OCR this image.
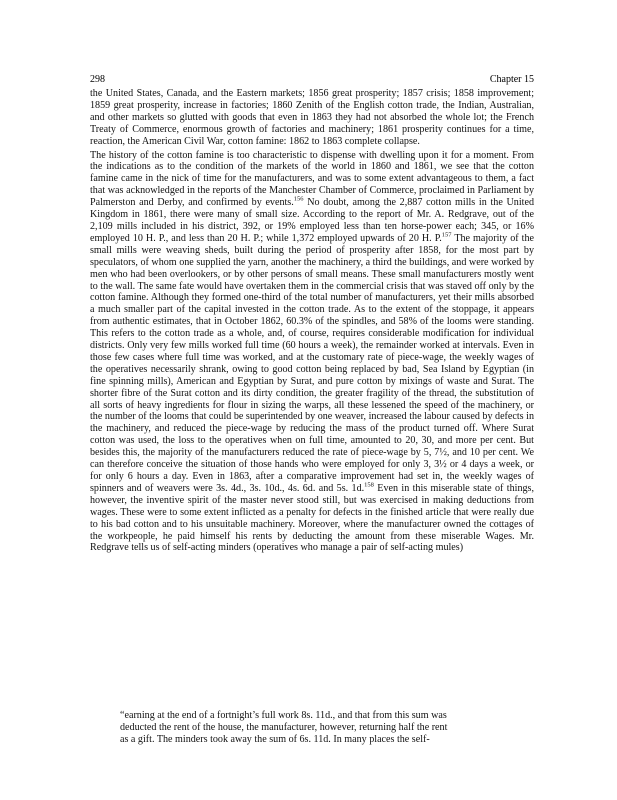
298	Chapter 15

the United States, Canada, and the Eastern markets; 1856 great prosperity; 1857 crisis; 1858 improvement; 1859 great prosperity, increase in factories; 1860 Zenith of the English cotton trade, the Indian, Australian, and other markets so glutted with goods that even in 1863 they had not absorbed the whole lot; the French Treaty of Commerce, enormous growth of factories and machinery; 1861 prosperity continues for a time, reaction, the American Civil War, cotton famine: 1862 to 1863 complete collapse.

The history of the cotton famine is too characteristic to dispense with dwelling upon it for a moment. From the indications as to the condition of the markets of the world in 1860 and 1861, we see that the cotton famine came in the nick of time for the manufacturers, and was to some extent advantageous to them, a fact that was acknowledged in the reports of the Manchester Chamber of Commerce, proclaimed in Parliament by Palmerston and Derby, and confirmed by events.$^{156}$ No doubt, among the 2,887 cotton mills in the United Kingdom in 1861, there were many of small size. According to the report of Mr. A. Redgrave, out of the 2,109 mills included in his district, 392, or 19% employed less than ten horse-power each; 345, or 16% employed 10 H. P., and less than 20 H. P.; while 1,372 employed upwards of 20 H. P.$^{157}$ The majority of the small mills were weaving sheds, built during the period of prosperity after 1858, for the most part by speculators, of whom one supplied the yarn, another the machinery, a third the buildings, and were worked by men who had been overlookers, or by other persons of small means. These small manufacturers mostly went to the wall. The same fate would have overtaken them in the commercial crisis that was staved off only by the cotton famine. Although they formed one-third of the total number of manufacturers, yet their mills absorbed a much smaller part of the capital invested in the cotton trade. As to the extent of the stoppage, it appears from authentic estimates, that in October 1862, 60.3% of the spindles, and 58% of the looms were standing. This refers to the cotton trade as a whole, and, of course, requires considerable modification for individual districts. Only very few mills worked full time (60 hours a week), the remainder worked at intervals. Even in those few cases where full time was worked, and at the customary rate of piece-wage, the weekly wages of the operatives necessarily shrank, owing to good cotton being replaced by bad, Sea Island by Egyptian (in fine spinning mills), American and Egyptian by Surat, and pure cotton by mixings of waste and Surat. The shorter fibre of the Surat cotton and its dirty condition, the greater fragility of the thread, the substitution of all sorts of heavy ingredients for flour in sizing the warps, all these lessened the speed of the machinery, or the number of the looms that could be superintended by one weaver, increased the labour caused by defects in the machinery, and reduced the piece-wage by reducing the mass of the product turned off. Where Surat cotton was used, the loss to the operatives when on full time, amounted to 20, 30, and more per cent. But besides this, the majority of the manufacturers reduced the rate of piece-wage by 5, 7½, and 10 per cent. We can therefore conceive the situation of those hands who were employed for only 3, 3½ or 4 days a week, or for only 6 hours a day. Even in 1863, after a comparative improvement had set in, the weekly wages of spinners and of weavers were 3s. 4d., 3s. 10d., 4s. 6d. and 5s. 1d.$^{158}$ Even in this miserable state of things, however, the inventive spirit of the master never stood still, but was exercised in making deductions from wages. These were to some extent inflicted as a penalty for defects in the finished article that were really due to his bad cotton and to his unsuitable machinery. Moreover, where the manufacturer owned the cottages of the workpeople, he paid himself his rents by deducting the amount from these miserable Wages. Mr. Redgrave tells us of self-acting minders (operatives who manage a pair of self-acting mules)

“earning at the end of a fortnight’s full work 8s. 11d., and that from this sum was

deducted the rent of the house, the manufacturer, however, returning half the rent

as a gift. The minders took away the sum of 6s. 11d. In many places the self-
